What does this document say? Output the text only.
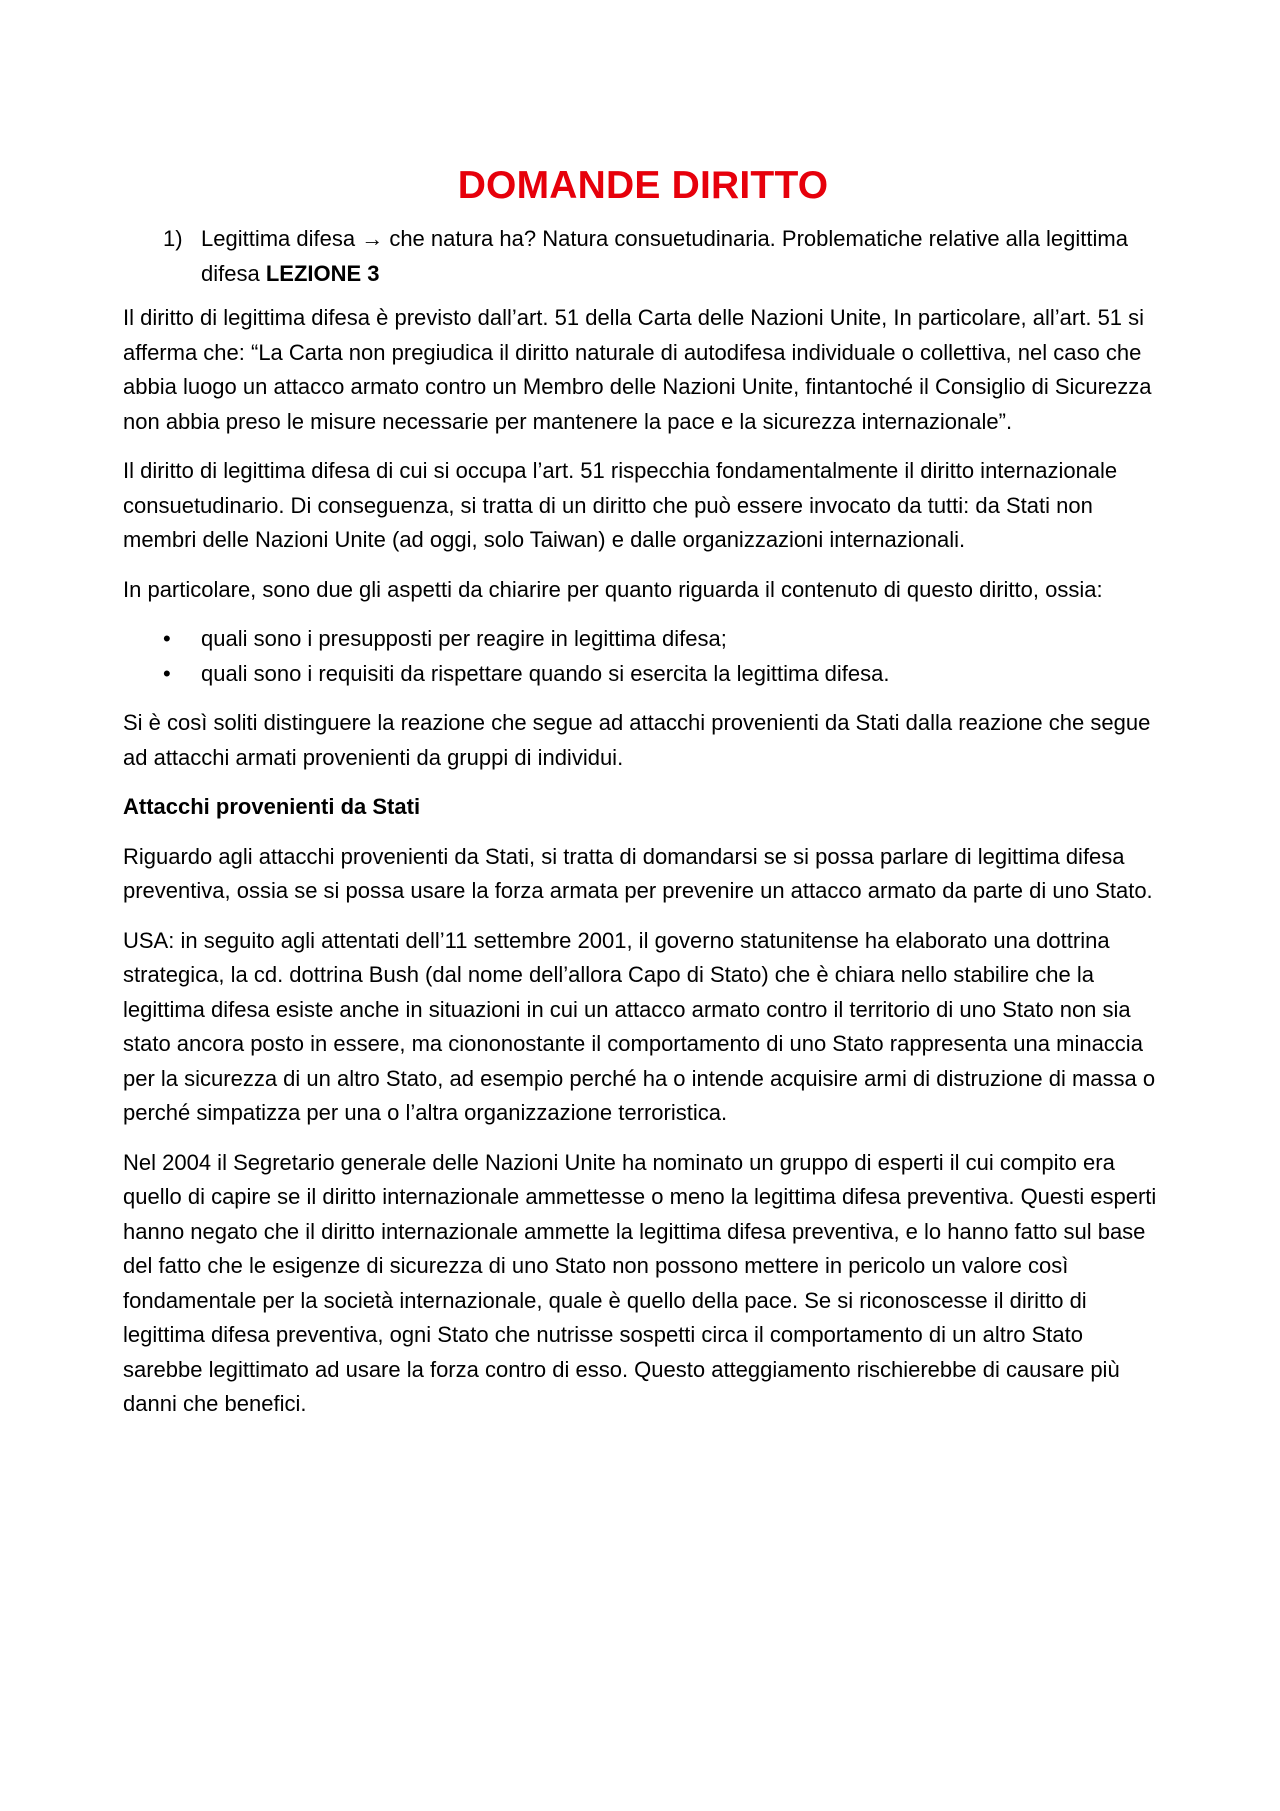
DOMANDE DIRITTO
1) Legittima difesa → che natura ha? Natura consuetudinaria. Problematiche relative alla legittima difesa LEZIONE 3

Il diritto di legittima difesa è previsto dall’art. 51 della Carta delle Nazioni Unite, In particolare, all’art. 51 si afferma che: “La Carta non pregiudica il diritto naturale di autodifesa individuale o collettiva, nel caso che abbia luogo un attacco armato contro un Membro delle Nazioni Unite, fintantoché il Consiglio di Sicurezza non abbia preso le misure necessarie per mantenere la pace e la sicurezza internazionale”.

Il diritto di legittima difesa di cui si occupa l’art. 51 rispecchia fondamentalmente il diritto internazionale consuetudinario. Di conseguenza, si tratta di un diritto che può essere invocato da tutti: da Stati non membri delle Nazioni Unite (ad oggi, solo Taiwan) e dalle organizzazioni internazionali.

In particolare, sono due gli aspetti da chiarire per quanto riguarda il contenuto di questo diritto, ossia:

•	quali sono i presupposti per reagire in legittima difesa;
•	quali sono i requisiti da rispettare quando si esercita la legittima difesa.

Si è così soliti distinguere la reazione che segue ad attacchi provenienti da Stati dalla reazione che segue ad attacchi armati provenienti da gruppi di individui.

Attacchi provenienti da Stati

Riguardo agli attacchi provenienti da Stati, si tratta di domandarsi se si possa parlare di legittima difesa preventiva, ossia se si possa usare la forza armata per prevenire un attacco armato da parte di uno Stato.

USA: in seguito agli attentati dell’11 settembre 2001, il governo statunitense ha elaborato una dottrina strategica, la cd. dottrina Bush (dal nome dell’allora Capo di Stato) che è chiara nello stabilire che la legittima difesa esiste anche in situazioni in cui un attacco armato contro il territorio di uno Stato non sia stato ancora posto in essere, ma ciononostante il comportamento di uno Stato rappresenta una minaccia per la sicurezza di un altro Stato, ad esempio perché ha o intende acquisire armi di distruzione di massa o perché simpatizza per una o l’altra organizzazione terroristica.

Nel 2004 il Segretario generale delle Nazioni Unite ha nominato un gruppo di esperti il cui compito era quello di capire se il diritto internazionale ammettesse o meno la legittima difesa preventiva. Questi esperti hanno negato che il diritto internazionale ammette la legittima difesa preventiva, e lo hanno fatto sul base del fatto che le esigenze di sicurezza di uno Stato non possono mettere in pericolo un valore così fondamentale per la società internazionale, quale è quello della pace. Se si riconoscesse il diritto di legittima difesa preventiva, ogni Stato che nutrisse sospetti circa il comportamento di un altro Stato sarebbe legittimato ad usare la forza contro di esso. Questo atteggiamento rischierebbe di causare più danni che benefici.
